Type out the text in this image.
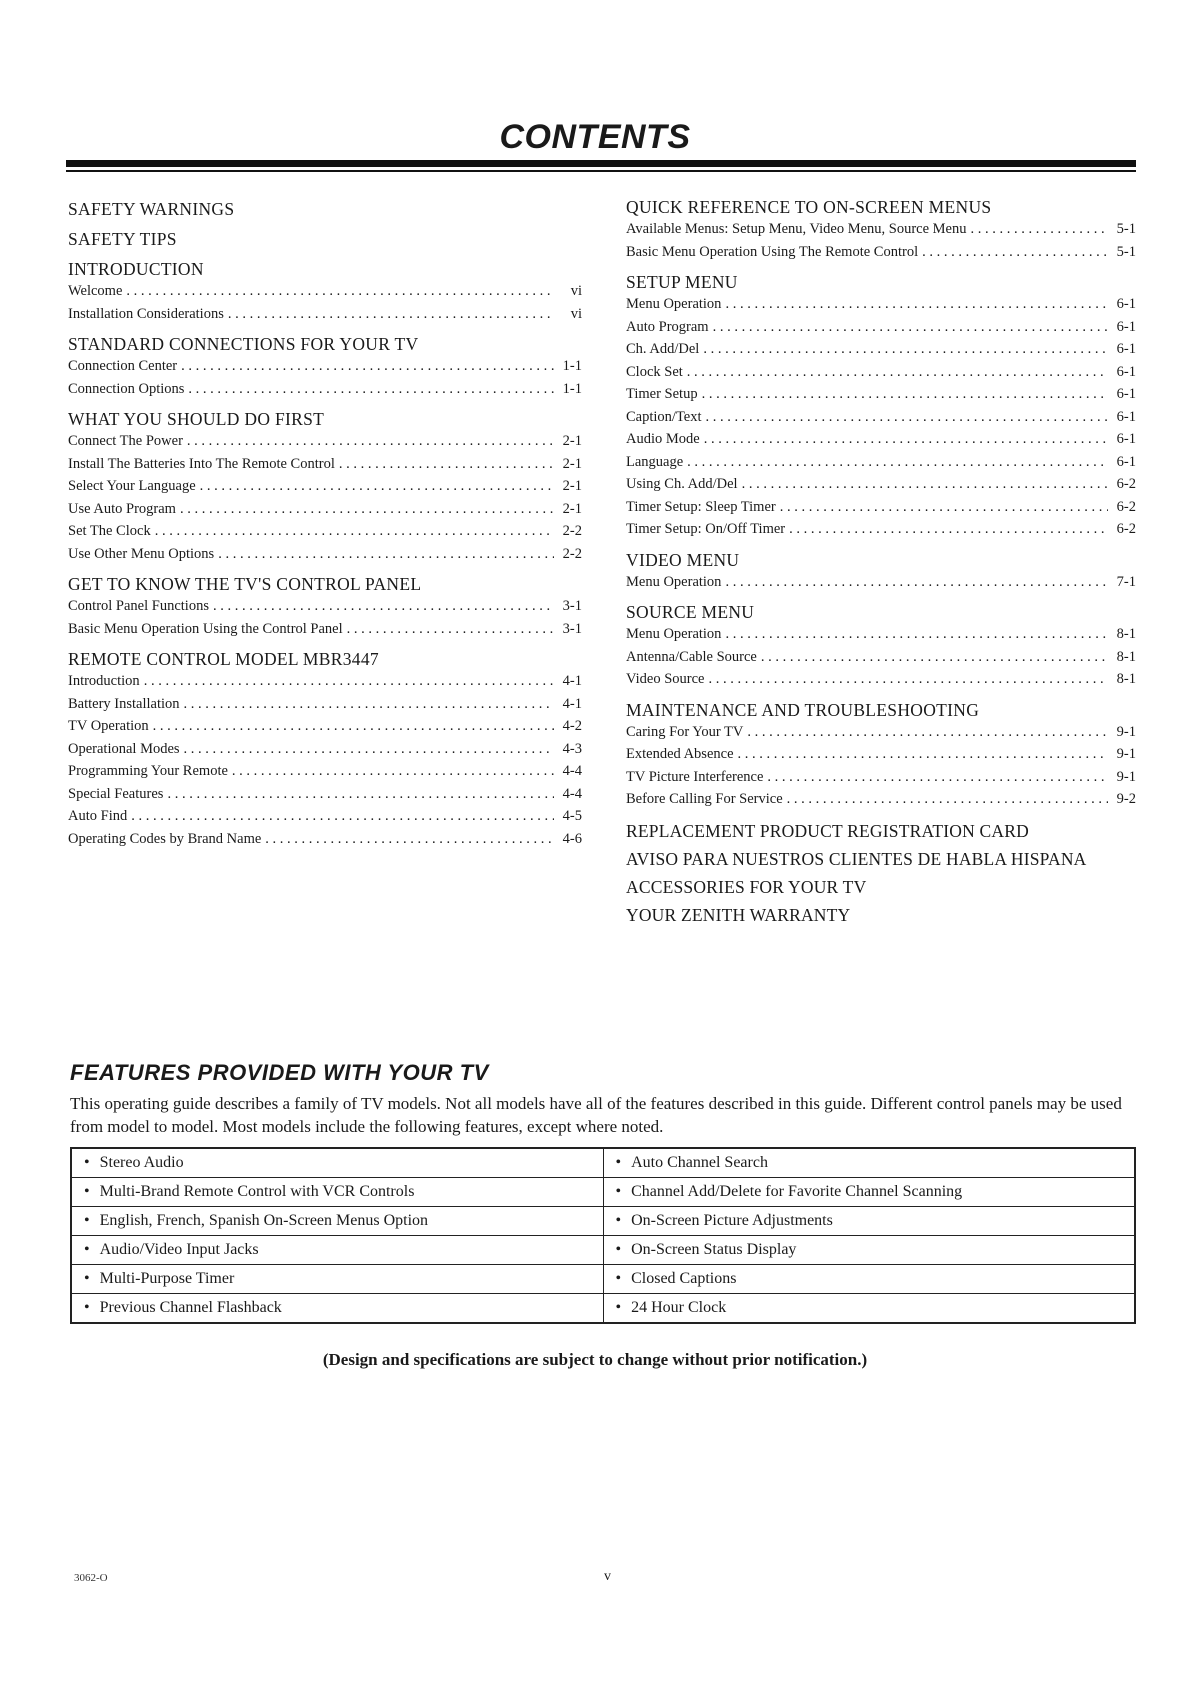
CONTENTS
SAFETY WARNINGS
SAFETY TIPS
INTRODUCTION
Welcome . . .	vi
Installation Considerations . . .	vi
STANDARD CONNECTIONS FOR YOUR TV
Connection Center . . .	1-1
Connection Options . . .	1-1
WHAT YOU SHOULD DO FIRST
Connect The Power . . .	2-1
Install The Batteries Into The Remote Control . . .	2-1
Select Your Language . . .	2-1
Use Auto Program . . .	2-1
Set The Clock . . .	2-2
Use Other Menu Options . . .	2-2
GET TO KNOW THE TV'S CONTROL PANEL
Control Panel Functions . . .	3-1
Basic Menu Operation Using the Control Panel . . .	3-1
REMOTE CONTROL MODEL MBR3447
Introduction . . .	4-1
Battery Installation . . .	4-1
TV Operation . . .	4-2
Operational Modes . . .	4-3
Programming Your Remote . . .	4-4
Special Features . . .	4-4
Auto Find . . .	4-5
Operating Codes by Brand Name . . .	4-6
QUICK REFERENCE TO ON-SCREEN MENUS
Available Menus: Setup Menu, Video Menu, Source Menu . . .	5-1
Basic Menu Operation Using The Remote Control . . .	5-1
SETUP MENU
Menu Operation . . .	6-1
Auto Program . . .	6-1
Ch. Add/Del . . .	6-1
Clock Set . . .	6-1
Timer Setup . . .	6-1
Caption/Text . . .	6-1
Audio Mode . . .	6-1
Language . . .	6-1
Using Ch. Add/Del . . .	6-2
Timer Setup: Sleep Timer . . .	6-2
Timer Setup: On/Off Timer . . .	6-2
VIDEO MENU
Menu Operation . . .	7-1
SOURCE MENU
Menu Operation . . .	8-1
Antenna/Cable Source . . .	8-1
Video Source . . .	8-1
MAINTENANCE AND TROUBLESHOOTING
Caring For Your TV . . .	9-1
Extended Absence . . .	9-1
TV Picture Interference . . .	9-1
Before Calling For Service . . .	9-2
REPLACEMENT PRODUCT REGISTRATION CARD
AVISO PARA NUESTROS CLIENTES DE HABLA HISPANA
ACCESSORIES FOR YOUR TV
YOUR ZENITH WARRANTY
FEATURES PROVIDED WITH YOUR TV

This operating guide describes a family of TV models. Not all models have all of the features described in this guide. Different control panels may be used from model to model. Most models include the following features, except where noted.

• Stereo Audio	• Auto Channel Search
• Multi-Brand Remote Control with VCR Controls	• Channel Add/Delete for Favorite Channel Scanning
• English, French, Spanish On-Screen Menus Option	• On-Screen Picture Adjustments
• Audio/Video Input Jacks	• On-Screen Status Display
• Multi-Purpose Timer	• Closed Captions
• Previous Channel Flashback	• 24 Hour Clock

(Design and specifications are subject to change without prior notification.)

3062-O	v
